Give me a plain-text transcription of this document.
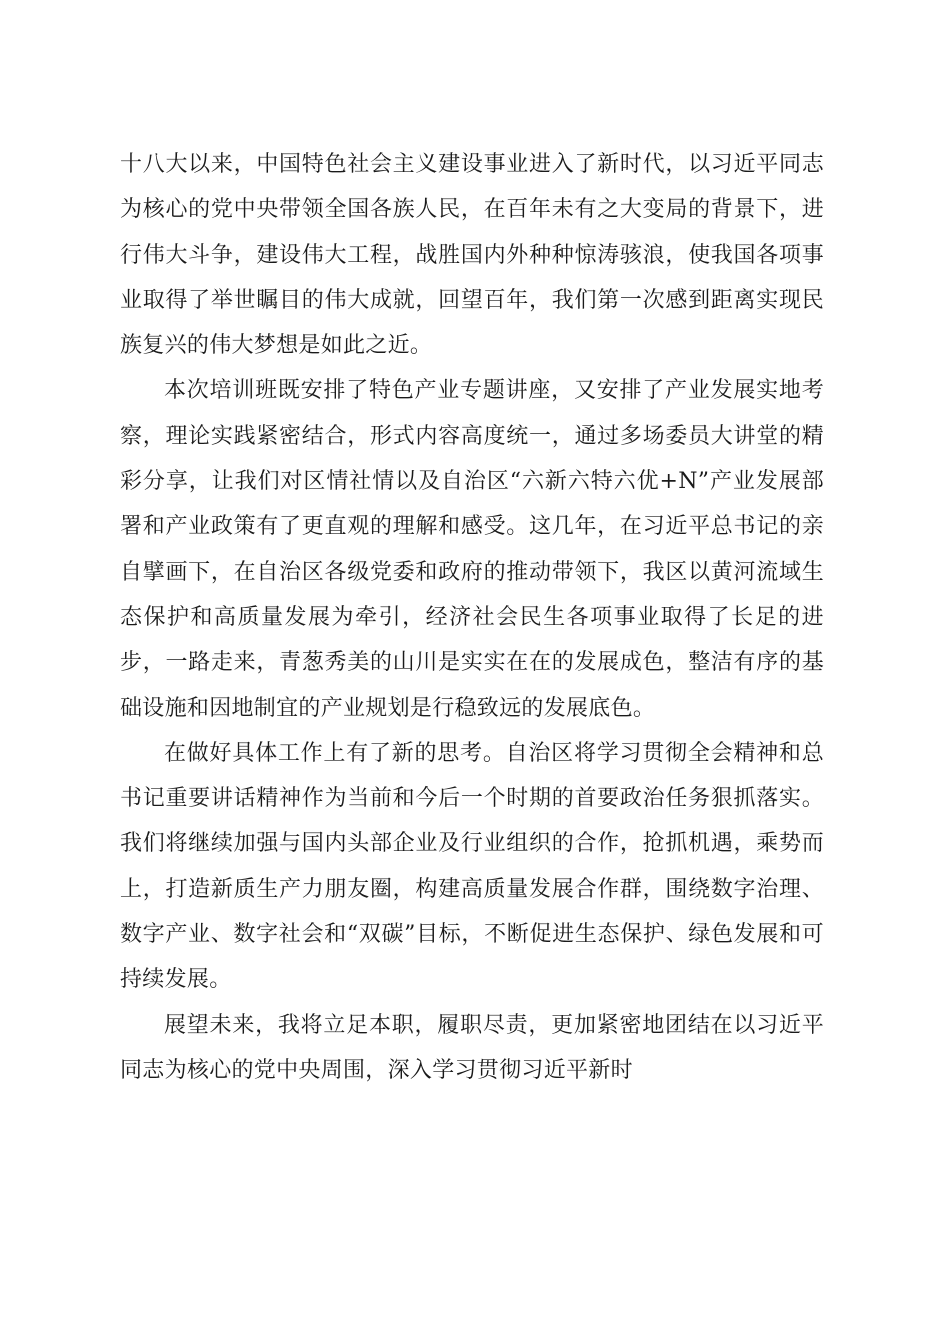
十八大以来，中国特色社会主义建设事业进入了新时代，以习近平同志为核心的党中央带领全国各族人民，在百年未有之大变局的背景下，进行伟大斗争，建设伟大工程，战胜国内外种种惊涛骇浪，使我国各项事业取得了举世瞩目的伟大成就，回望百年，我们第一次感到距离实现民族复兴的伟大梦想是如此之近。

本次培训班既安排了特色产业专题讲座，又安排了产业发展实地考察，理论实践紧密结合，形式内容高度统一，通过多场委员大讲堂的精彩分享，让我们对区情社情以及自治区“六新六特六优+N”产业发展部署和产业政策有了更直观的理解和感受。这几年，在习近平总书记的亲自擘画下，在自治区各级党委和政府的推动带领下，我区以黄河流域生态保护和高质量发展为牵引，经济社会民生各项事业取得了长足的进步，一路走来，青葱秀美的山川是实实在在的发展成色，整洁有序的基础设施和因地制宜的产业规划是行稳致远的发展底色。

在做好具体工作上有了新的思考。自治区将学习贯彻全会精神和总书记重要讲话精神作为当前和今后一个时期的首要政治任务狠抓落实。我们将继续加强与国内头部企业及行业组织的合作，抢抓机遇，乘势而上，打造新质生产力朋友圈，构建高质量发展合作群，围绕数字治理、数字产业、数字社会和“双碳”目标，不断促进生态保护、绿色发展和可持续发展。

展望未来，我将立足本职，履职尽责，更加紧密地团结在以习近平同志为核心的党中央周围，深入学习贯彻习近平新时
